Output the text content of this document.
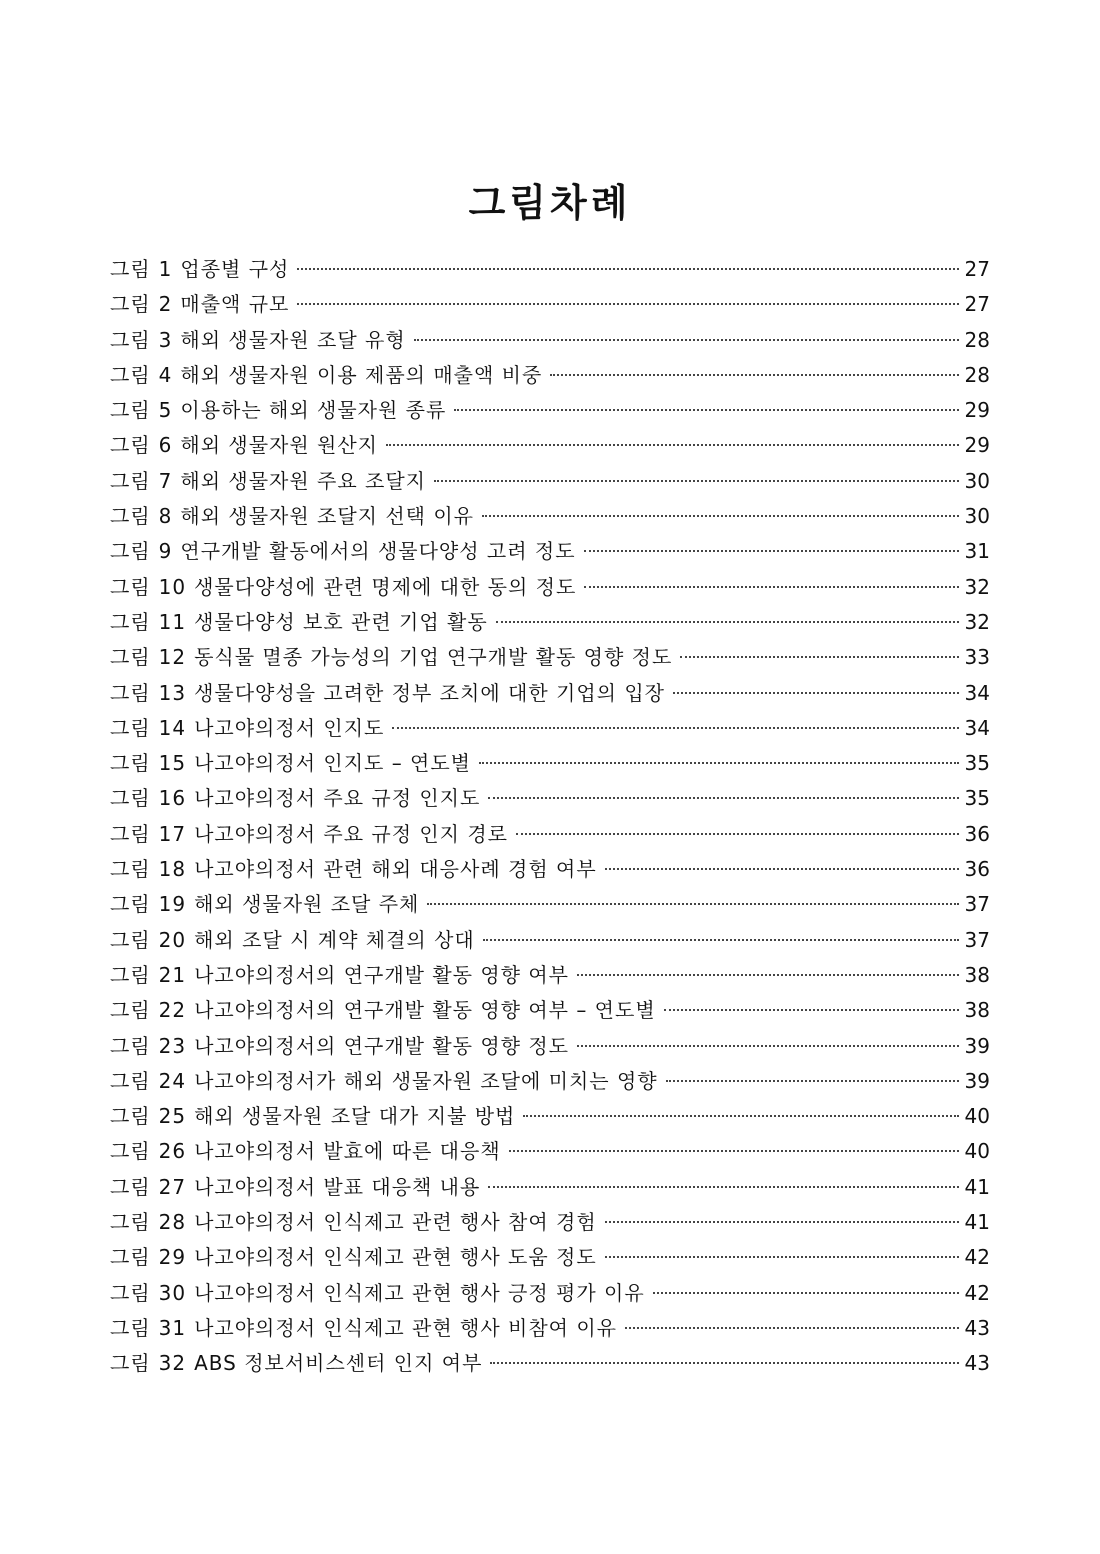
그림차례
그림 1 업종별 구성	27
그림 2 매출액 규모	27
그림 3 해외 생물자원 조달 유형	28
그림 4 해외 생물자원 이용 제품의 매출액 비중	28
그림 5 이용하는 해외 생물자원 종류	29
그림 6 해외 생물자원 원산지	29
그림 7 해외 생물자원 주요 조달지	30
그림 8 해외 생물자원 조달지 선택 이유	30
그림 9 연구개발 활동에서의 생물다양성 고려 정도	31
그림 10 생물다양성에 관련 명제에 대한 동의 정도	32
그림 11 생물다양성 보호 관련 기업 활동	32
그림 12 동식물 멸종 가능성의 기업 연구개발 활동 영향 정도	33
그림 13 생물다양성을 고려한 정부 조치에 대한 기업의 입장	34
그림 14 나고야의정서 인지도	34
그림 15 나고야의정서 인지도 – 연도별	35
그림 16 나고야의정서 주요 규정 인지도	35
그림 17 나고야의정서 주요 규정 인지 경로	36
그림 18 나고야의정서 관련 해외 대응사례 경험 여부	36
그림 19 해외 생물자원 조달 주체	37
그림 20 해외 조달 시 계약 체결의 상대	37
그림 21 나고야의정서의 연구개발 활동 영향 여부	38
그림 22 나고야의정서의 연구개발 활동 영향 여부 – 연도별	38
그림 23 나고야의정서의 연구개발 활동 영향 정도	39
그림 24 나고야의정서가 해외 생물자원 조달에 미치는 영향	39
그림 25 해외 생물자원 조달 대가 지불 방법	40
그림 26 나고야의정서 발효에 따른 대응책	40
그림 27 나고야의정서 발표 대응책 내용	41
그림 28 나고야의정서 인식제고 관련 행사 참여 경험	41
그림 29 나고야의정서 인식제고 관현 행사 도움 정도	42
그림 30 나고야의정서 인식제고 관현 행사 긍정 평가 이유	42
그림 31 나고야의정서 인식제고 관현 행사 비참여 이유	43
그림 32 ABS 정보서비스센터 인지 여부	43
